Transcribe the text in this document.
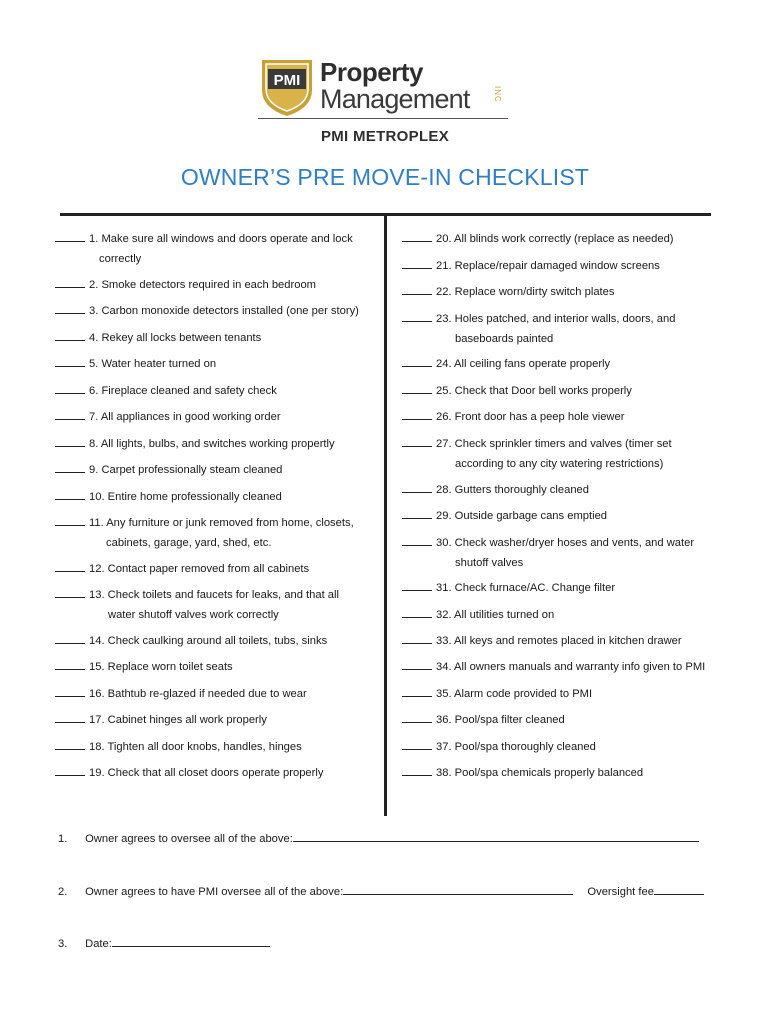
PMI Property
Management	INC
PMI METROPLEX
OWNER’S PRE MOVE-IN CHECKLIST
1. Make sure all windows and doors operate and lock
correctly
2. Smoke detectors required in each bedroom
3. Carbon monoxide detectors installed (one per story)
4. Rekey all locks between tenants
5. Water heater turned on
6. Fireplace cleaned and safety check
7. All appliances in good working order
8. All lights, bulbs, and switches working propertly
9. Carpet professionally steam cleaned
10. Entire home professionally cleaned
11. Any furniture or junk removed from home, closets,
cabinets, garage, yard, shed, etc.
12. Contact paper removed from all cabinets
13. Check toilets and faucets for leaks, and that all
water shutoff valves work correctly
14. Check caulking around all toilets, tubs, sinks
15. Replace worn toilet seats
16. Bathtub re-glazed if needed due to wear
17. Cabinet hinges all work properly
18. Tighten all door knobs, handles, hinges
19. Check that all closet doors operate properly
20. All blinds work correctly (replace as needed)
21. Replace/repair damaged window screens
22. Replace worn/dirty switch plates
23. Holes patched, and interior walls, doors, and
baseboards painted
24. All ceiling fans operate properly
25. Check that Door bell works properly
26. Front door has a peep hole viewer
27. Check sprinkler timers and valves (timer set
according to any city watering restrictions)
28. Gutters thoroughly cleaned
29. Outside garbage cans emptied
30. Check washer/dryer hoses and vents, and water
shutoff valves
31. Check furnace/AC. Change filter
32. All utilities turned on
33. All keys and remotes placed in kitchen drawer
34. All owners manuals and warranty info given to PMI
35. Alarm code provided to PMI
36. Pool/spa filter cleaned
37. Pool/spa thoroughly cleaned
38. Pool/spa chemicals properly balanced
1. Owner agrees to oversee all of the above:
2. Owner agrees to have PMI oversee all of the above:	Oversight fee
3. Date:
